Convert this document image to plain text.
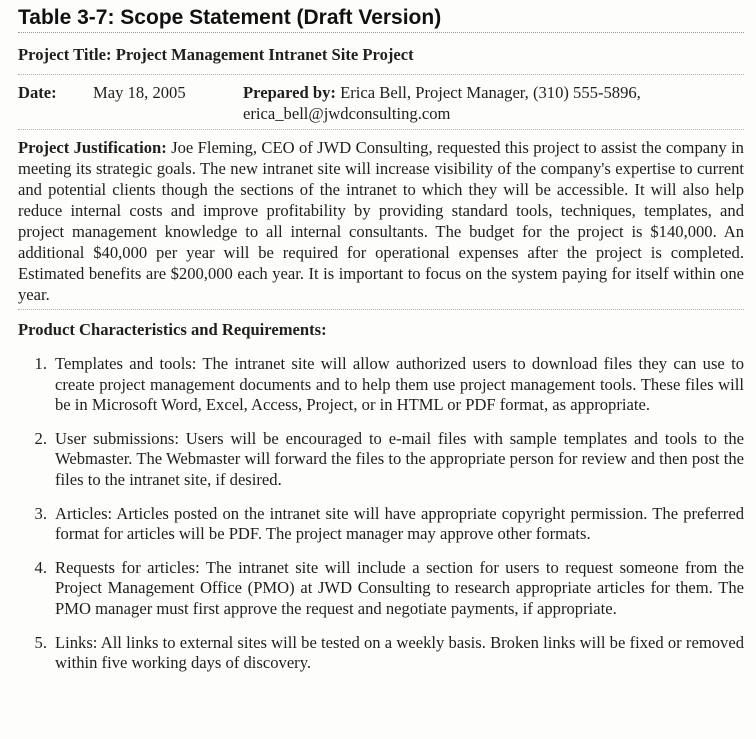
Table 3-7: Scope Statement (Draft Version)
Project Title: Project Management Intranet Site Project
Date:	May 18, 2005	Prepared by: Erica Bell, Project Manager, (310) 555-5896, erica_bell@jwdconsulting.com
Project Justification: Joe Fleming, CEO of JWD Consulting, requested this project to assist the company in meeting its strategic goals. The new intranet site will increase visibility of the company's expertise to current and potential clients though the sections of the intranet to which they will be accessible. It will also help reduce internal costs and improve profitability by providing standard tools, techniques, templates, and project management knowledge to all internal consultants. The budget for the project is $140,000. An additional $40,000 per year will be required for operational expenses after the project is completed. Estimated benefits are $200,000 each year. It is important to focus on the system paying for itself within one year.
Product Characteristics and Requirements:
1. Templates and tools: The intranet site will allow authorized users to download files they can use to create project management documents and to help them use project management tools. These files will be in Microsoft Word, Excel, Access, Project, or in HTML or PDF format, as appropriate.
2. User submissions: Users will be encouraged to e-mail files with sample templates and tools to the Webmaster. The Webmaster will forward the files to the appropriate person for review and then post the files to the intranet site, if desired.
3. Articles: Articles posted on the intranet site will have appropriate copyright permission. The preferred format for articles will be PDF. The project manager may approve other formats.
4. Requests for articles: The intranet site will include a section for users to request someone from the Project Management Office (PMO) at JWD Consulting to research appropriate articles for them. The PMO manager must first approve the request and negotiate payments, if appropriate.
5. Links: All links to external sites will be tested on a weekly basis. Broken links will be fixed or removed within five working days of discovery.
